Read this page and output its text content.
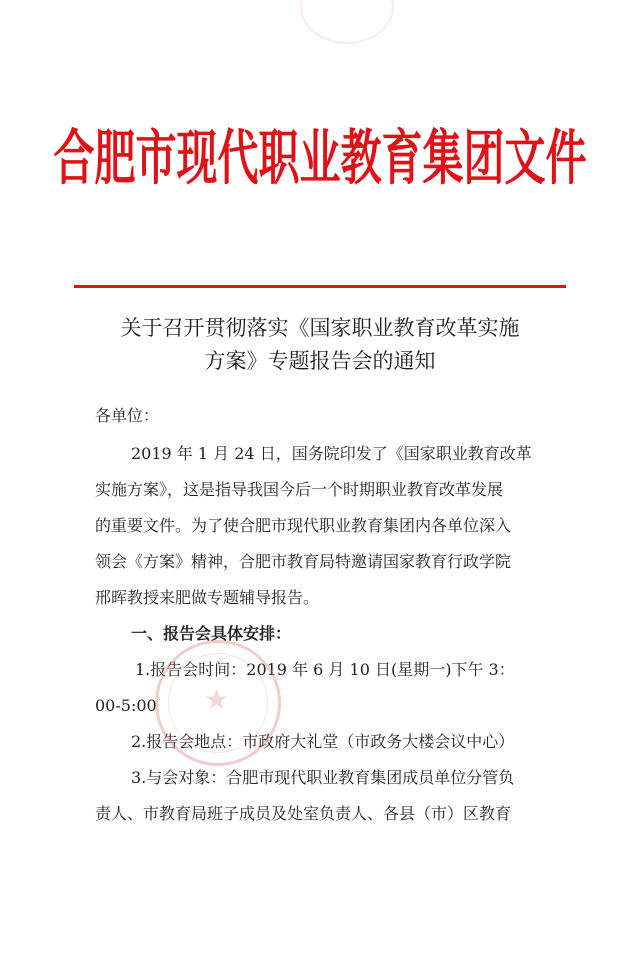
合肥市现代职业教育集团文件
关于召开贯彻落实《国家职业教育改革实施
方案》专题报告会的通知
各单位：
2019 年 1 月 24 日，国务院印发了《国家职业教育改革
实施方案》，这是指导我国今后一个时期职业教育改革发展
的重要文件。为了使合肥市现代职业教育集团内各单位深入
领会《方案》精神，合肥市教育局特邀请国家教育行政学院
邢晖教授来肥做专题辅导报告。
一、报告会具体安排：
1.报告会时间：2019 年 6 月 10 日(星期一)下午 3：
00-5:00
2.报告会地点：市政府大礼堂（市政务大楼会议中心）
3.与会对象：合肥市现代职业教育集团成员单位分管负
责人、市教育局班子成员及处室负责人、各县（市）区教育
★
